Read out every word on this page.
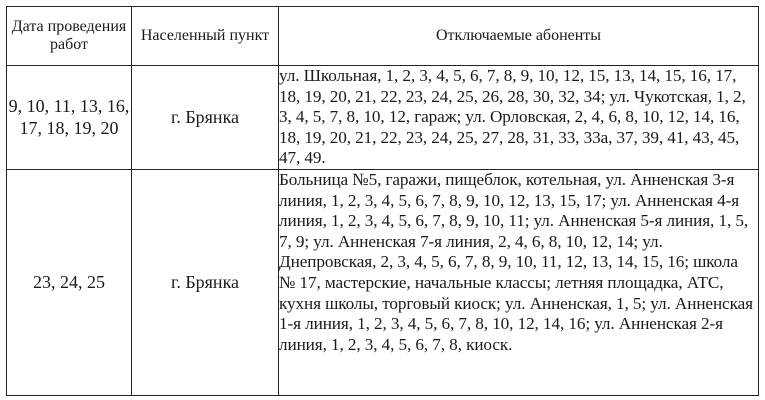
Дата проведения работ	Населенный пункт	Отключаемые абоненты
9, 10, 11, 13, 16, 17, 18, 19, 20	г. Брянка	ул. Школьная, 1, 2, 3, 4, 5, 6, 7, 8, 9, 10, 12, 15, 13, 14, 15, 16, 17, 18, 19, 20, 21, 22, 23, 24, 25, 26, 28, 30, 32, 34; ул. Чукотская, 1, 2, 3, 4, 5, 7, 8, 10, 12, гараж; ул. Орловская, 2, 4, 6, 8, 10, 12, 14, 16, 18, 19, 20, 21, 22, 23, 24, 25, 27, 28, 31, 33, 33а, 37, 39, 41, 43, 45, 47, 49.
23, 24, 25	г. Брянка	Больница №5, гаражи, пищеблок, котельная, ул. Анненская 3-я линия, 1, 2, 3, 4, 5, 6, 7, 8, 9, 10, 12, 13, 15, 17; ул. Анненская 4-я линия, 1, 2, 3, 4, 5, 6, 7, 8, 9, 10, 11; ул. Анненская 5-я линия, 1, 5, 7, 9; ул. Анненская 7-я линия, 2, 4, 6, 8, 10, 12, 14; ул. Днепровская, 2, 3, 4, 5, 6, 7, 8, 9, 10, 11, 12, 13, 14, 15, 16; школа № 17, мастерские, начальные классы; летняя площадка, АТС, кухня школы, торговый киоск; ул. Анненская, 1, 5; ул. Анненская 1-я линия, 1, 2, 3, 4, 5, 6, 7, 8, 10, 12, 14, 16; ул. Анненская 2-я линия, 1, 2, 3, 4, 5, 6, 7, 8, киоск.
